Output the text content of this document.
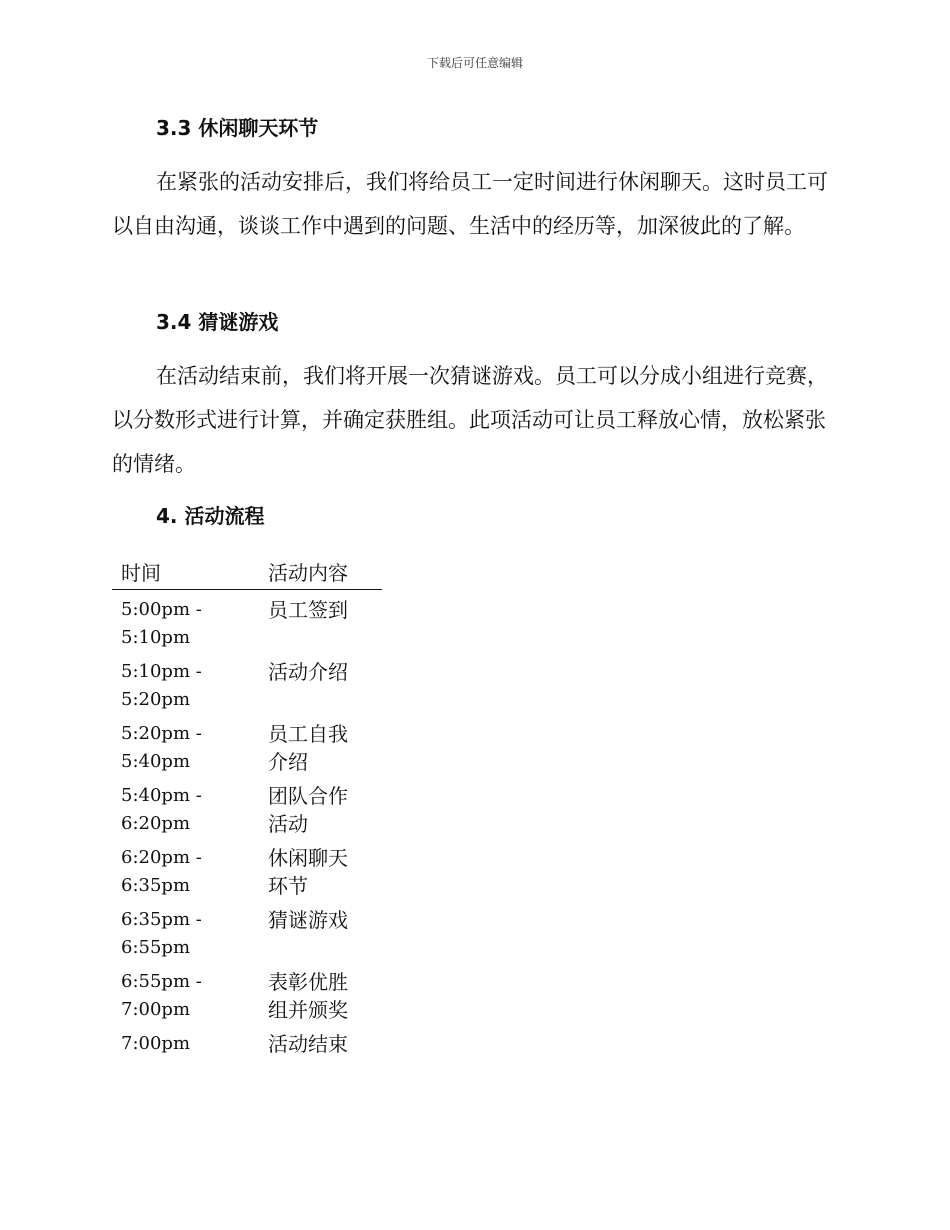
下载后可任意编辑
3.3 休闲聊天环节
在紧张的活动安排后，我们将给员工一定时间进行休闲聊天。这时员工可以自由沟通，谈谈工作中遇到的问题、生活中的经历等，加深彼此的了解。
3.4 猜谜游戏
在活动结束前，我们将开展一次猜谜游戏。员工可以分成小组进行竞赛，以分数形式进行计算，并确定获胜组。此项活动可让员工释放心情，放松紧张的情绪。
4. 活动流程
时间	活动内容
5:00pm - 5:10pm
员工签到
5:10pm - 5:20pm
活动介绍
5:20pm - 5:40pm
员工自我介绍
5:40pm - 6:20pm
团队合作活动
6:20pm - 6:35pm
休闲聊天环节
6:35pm - 6:55pm
猜谜游戏
6:55pm - 7:00pm
表彰优胜组并颁奖
7:00pm	活动结束
